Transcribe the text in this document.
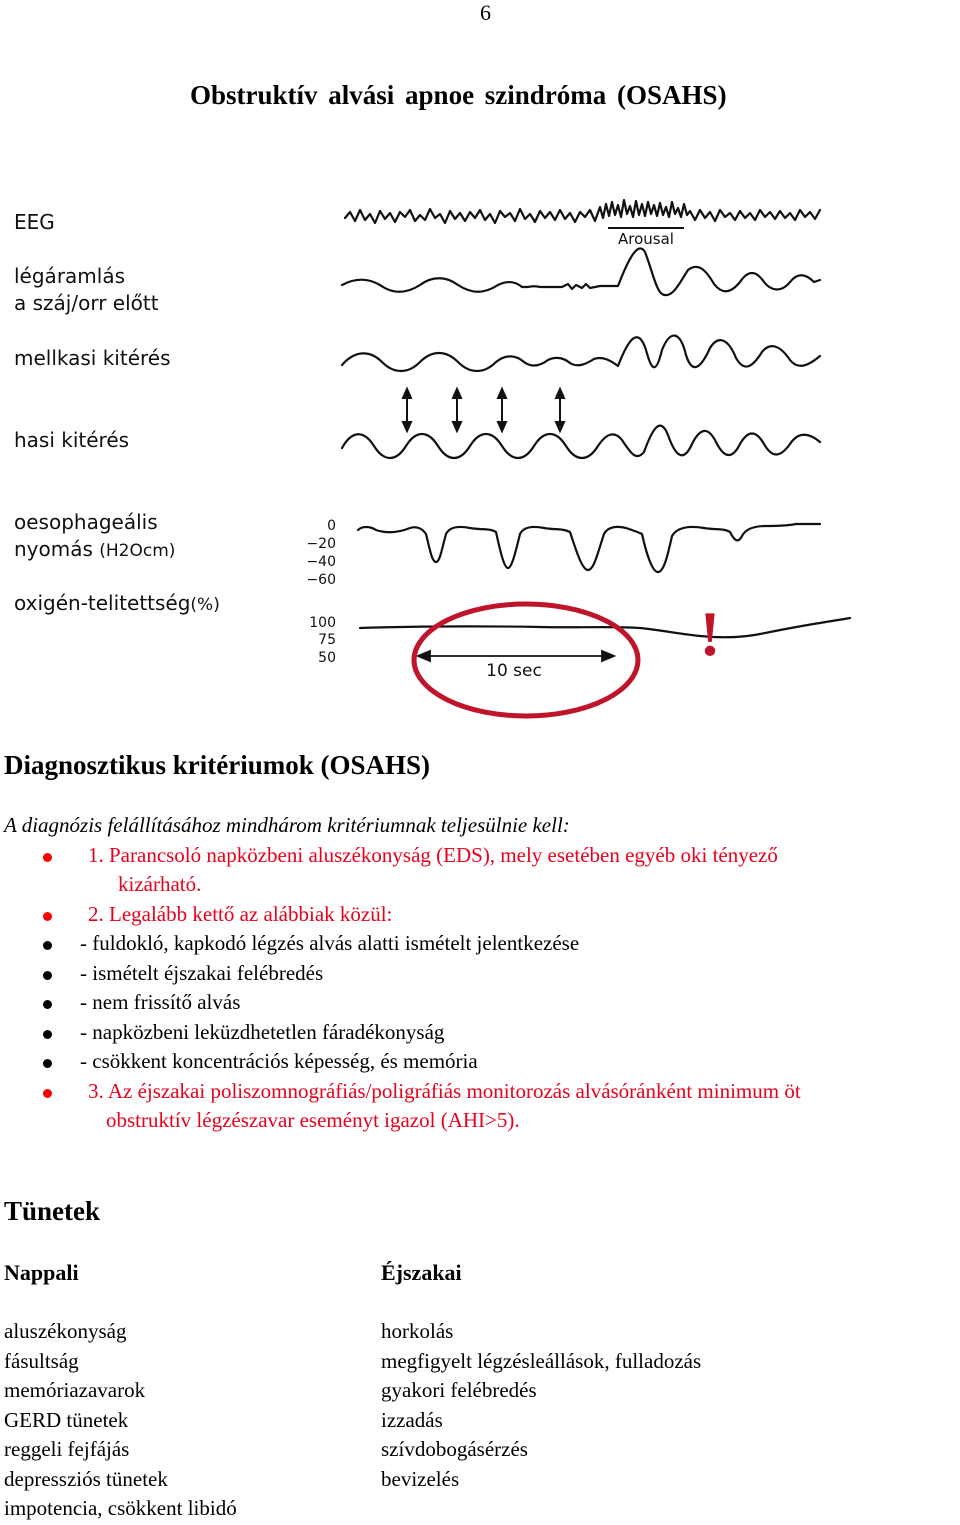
6
Obstruktív alvási apnoe szindróma (OSAHS)
EEG
légáramlás
a száj/orr előtt
mellkasi kitérés
hasi kitérés
oesophageális
nyomás (H2Ocm)
oxigén-telitettség(%)
Arousal
0
−20
−40
−60
100
75
50
10 sec
!
Diagnosztikus kritériumok (OSAHS)
A diagnózis felállításához mindhárom kritériumnak teljesülnie kell:
1. Parancsoló napközbeni aluszékonyság (EDS), mely esetében egyéb oki tényező
kizárható.
2. Legalább kettő az alábbiak közül:
- fuldokló, kapkodó légzés alvás alatti ismételt jelentkezése
- ismételt éjszakai felébredés
- nem frissítő alvás
- napközbeni leküzdhetetlen fáradékonyság
- csökkent koncentrációs képesség, és memória
3. Az éjszakai poliszomnográfiás/poligráfiás monitorozás alvásóránként minimum öt
obstruktív légzészavar eseményt igazol (AHI>5).
Tünetek
Nappali	Éjszakai
aluszékonyság
fásultság
memóriazavarok
GERD tünetek
reggeli fejfájás
depressziós tünetek
impotencia, csökkent libidó
horkolás
megfigyelt légzésleállások, fulladozás
gyakori felébredés
izzadás
szívdobogásérzés
bevizelés
